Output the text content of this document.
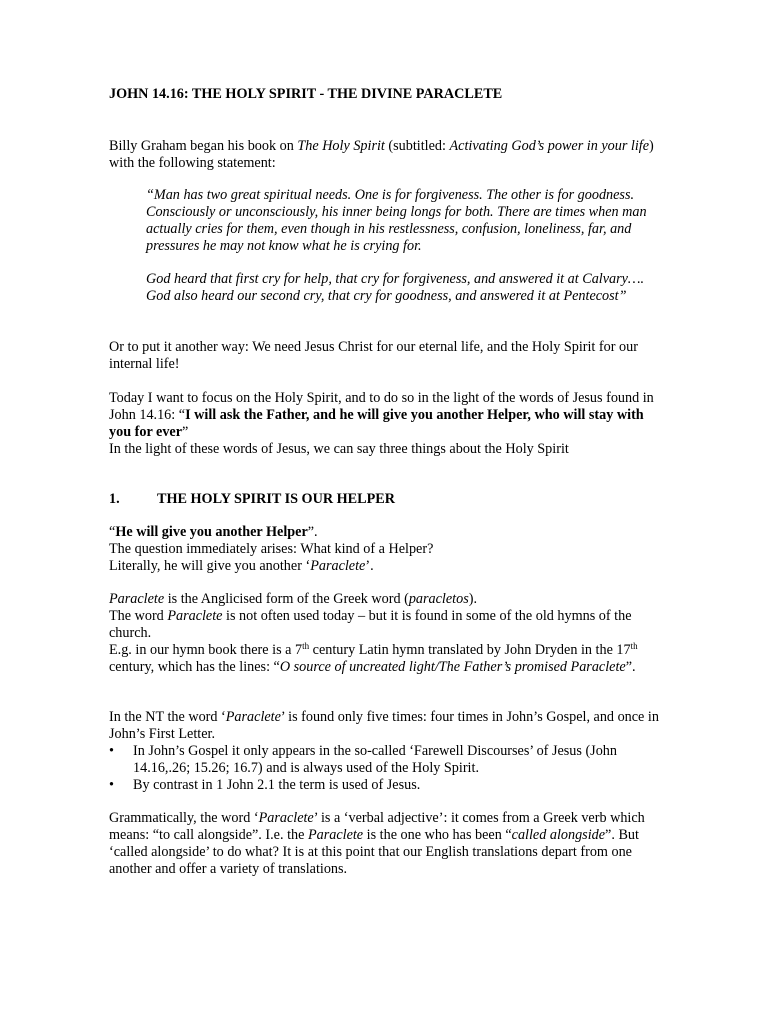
JOHN 14.16: THE HOLY SPIRIT - THE DIVINE PARACLETE

Billy Graham began his book on The Holy Spirit (subtitled: Activating God’s power in your life) with the following statement:

“Man has two great spiritual needs. One is for forgiveness. The other is for goodness. Consciously or unconsciously, his inner being longs for both. There are times when man actually cries for them, even though in his restlessness, confusion, loneliness, far, and pressures he may not know what he is crying for.

God heard that first cry for help, that cry for forgiveness, and answered it at Calvary…. God also heard our second cry, that cry for goodness, and answered it at Pentecost”

Or to put it another way: We need Jesus Christ for our eternal life, and the Holy Spirit for our internal life!

Today I want to focus on the Holy Spirit, and to do so in the light of the words of Jesus found in John 14.16: “I will ask the Father, and he will give you another Helper, who will stay with you for ever”
In the light of these words of Jesus, we can say three things about the Holy Spirit

1.	THE HOLY SPIRIT IS OUR HELPER

“He will give you another Helper”.
The question immediately arises: What kind of a Helper?
Literally, he will give you another ‘Paraclete’.

Paraclete is the Anglicised form of the Greek word (paracletos).
The word Paraclete is not often used today – but it is found in some of the old hymns of the church.
E.g. in our hymn book there is a 7th century Latin hymn translated by John Dryden in the 17th century, which has the lines: “O source of uncreated light/The Father’s promised Paraclete”.

In the NT the word ‘Paraclete’ is found only five times: four times in John’s Gospel, and once in John’s First Letter.

• In John’s Gospel it only appears in the so-called ‘Farewell Discourses’ of Jesus (John 14.16,.26; 15.26; 16.7) and is always used of the Holy Spirit.
• By contrast in 1 John 2.1 the term is used of Jesus.

Grammatically, the word ‘Paraclete’ is a ‘verbal adjective’: it comes from a Greek verb which means: “to call alongside”. I.e. the Paraclete is the one who has been “called alongside”. But ‘called alongside’ to do what? It is at this point that our English translations depart from one another and offer a variety of translations.
